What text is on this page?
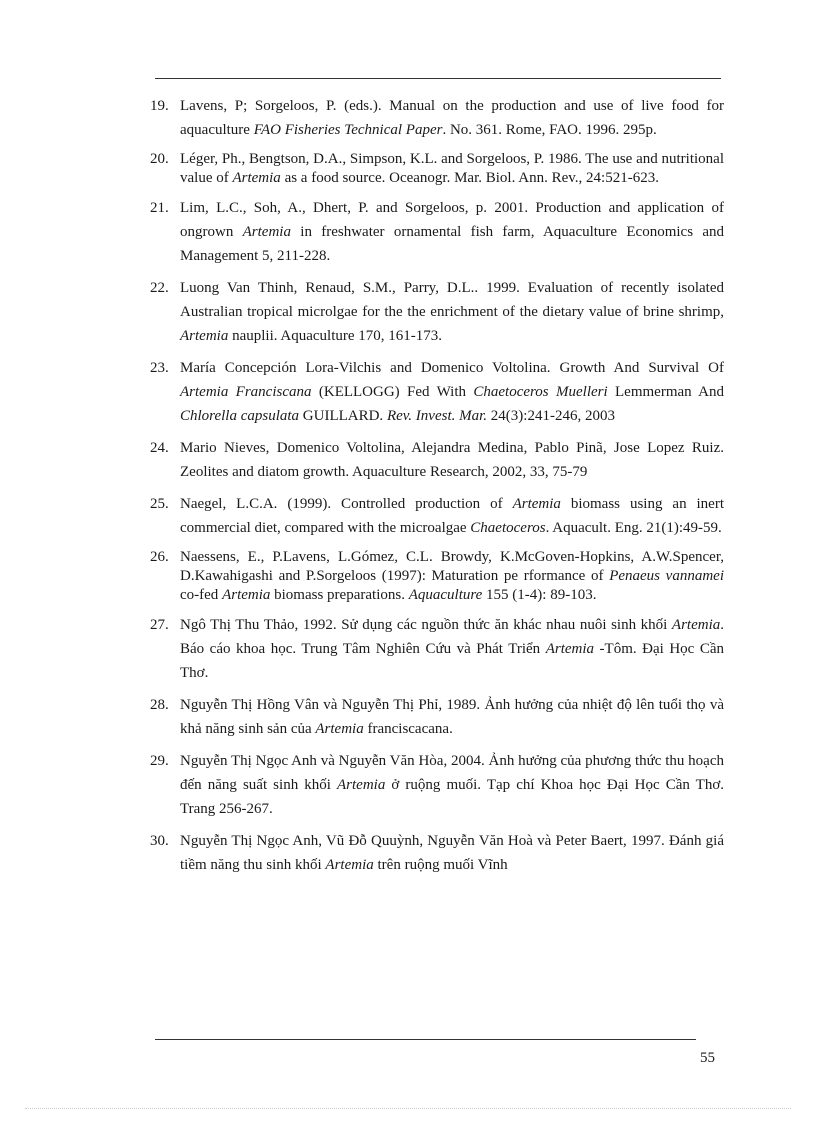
19. Lavens, P; Sorgeloos, P. (eds.). Manual on the production and use of live food for aquaculture FAO Fisheries Technical Paper. No. 361. Rome, FAO. 1996. 295p.
20. Léger, Ph., Bengtson, D.A., Simpson, K.L. and Sorgeloos, P. 1986. The use and nutritional value of Artemia as a food source. Oceanogr. Mar. Biol. Ann. Rev., 24:521-623.
21. Lim, L.C., Soh, A., Dhert, P. and Sorgeloos, p. 2001. Production and application of ongrown Artemia in freshwater ornamental fish farm, Aquaculture Economics and Management 5, 211-228.
22. Luong Van Thinh, Renaud, S.M., Parry, D.L.. 1999. Evaluation of recently isolated Australian tropical microlgae for the the enrichment of the dietary value of brine shrimp, Artemia nauplii. Aquaculture 170, 161-173.
23. María Concepción Lora-Vilchis and Domenico Voltolina. Growth And Survival Of Artemia Franciscana (KELLOGG) Fed With Chaetoceros Muelleri Lemmerman And Chlorella capsulata GUILLARD. Rev. Invest. Mar. 24(3):241-246, 2003
24. Mario Nieves, Domenico Voltolina, Alejandra Medina, Pablo Pinã, Jose Lopez Ruiz. Zeolites and diatom growth. Aquaculture Research, 2002, 33, 75-79
25. Naegel, L.C.A. (1999). Controlled production of Artemia biomass using an inert commercial diet, compared with the microalgae Chaetoceros. Aquacult. Eng. 21(1):49-59.
26. Naessens, E., P.Lavens, L.Gómez, C.L. Browdy, K.McGoven-Hopkins, A.W.Spencer, D.Kawahigashi and P.Sorgeloos (1997): Maturation pe rformance of Penaeus vannamei co-fed Artemia biomass preparations. Aquaculture 155 (1-4): 89-103.
27. Ngô Thị Thu Thảo, 1992. Sử dụng các nguồn thức ăn khác nhau nuôi sinh khối Artemia. Báo cáo khoa học. Trung Tâm Nghiên Cứu và Phát Triển Artemia -Tôm. Đại Học Cần Thơ.
28. Nguyễn Thị Hồng Vân và Nguyễn Thị Phỉ, 1989. Ảnh hưởng của nhiệt độ lên tuổi thọ và khả năng sinh sản của Artemia franciscacana.
29. Nguyễn Thị Ngọc Anh và Nguyễn Văn Hòa, 2004. Ảnh hưởng của phương thức thu hoạch đến năng suất sinh khối Artemia ở ruộng muối. Tạp chí Khoa học Đại Học Cần Thơ. Trang 256-267.
30. Nguyễn Thị Ngọc Anh, Vũ Đỗ Quuỳnh, Nguyễn Văn Hoà và Peter Baert, 1997. Đánh giá tiềm năng thu sinh khối Artemia trên ruộng muối Vĩnh
55
